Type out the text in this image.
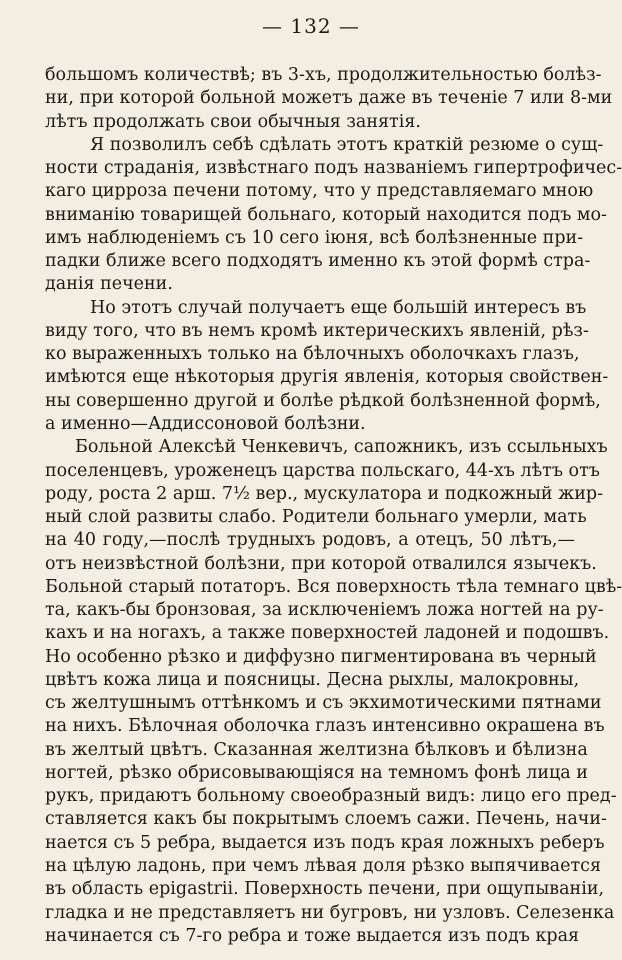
— 132 —
большомъ количествѣ; въ 3-хъ, продолжительностью болѣз-
ни, при которой больной можетъ даже въ теченіе 7 или 8-ми
лѣтъ продолжать свои обычныя занятія.
Я позволилъ себѣ сдѣлать этотъ краткій резюме о сущ-
ности страданія, извѣстнаго подъ названіемъ гипертрофичес-
каго цирроза печени потому, что у представляемаго мною
вниманію товарищей больнаго, который находится подъ мо-
имъ наблюденіемъ съ 10 сего іюня, всѣ болѣзненные при-
падки ближе всего подходятъ именно къ этой формѣ стра-
данія печени.
Но этотъ случай получаетъ еще большій интересъ въ
виду того, что въ немъ кромѣ иктерическихъ явленій, рѣз-
ко выраженныхъ только на бѣлочныхъ оболочкахъ глазъ,
имѣются еще нѣкоторыя другія явленія, которыя свойствен-
ны совершенно другой и болѣе рѣдкой болѣзненной формѣ,
а именно—Аддиссоновой болѣзни.
Больной Алексѣй Ченкевичъ, сапожникъ, изъ ссыльныхъ
поселенцевъ, уроженецъ царства польскаго, 44-хъ лѣтъ отъ
роду, роста 2 арш. 7½ вер., мускулатора и подкожный жир-
ный слой развиты слабо. Родители больнаго умерли, мать
на 40 году,—послѣ трудныхъ родовъ, а отецъ, 50 лѣтъ,—
отъ неизвѣстной болѣзни, при которой отвалился язычекъ.
Больной старый потаторъ. Вся поверхность тѣла темнаго цвѣ-
та, какъ-бы бронзовая, за исключеніемъ ложа ногтей на ру-
кахъ и на ногахъ, а также поверхностей ладоней и подошвъ.
Но особенно рѣзко и диффузно пигментирована въ черный
цвѣтъ кожа лица и поясницы. Десна рыхлы, малокровны,
съ желтушнымъ оттѣнкомъ и съ экхимотическими пятнами
на нихъ. Бѣлочная оболочка глазъ интенсивно окрашена въ
въ желтый цвѣтъ. Сказанная желтизна бѣлковъ и бѣлизна
ногтей, рѣзко обрисовывающіяся на темномъ фонѣ лица и
рукъ, придаютъ больному своеобразный видъ: лицо его пред-
ставляется какъ бы покрытымъ слоемъ сажи. Печень, начи-
нается съ 5 ребра, выдается изъ подъ края ложныхъ реберъ
на цѣлую ладонь, при чемъ лѣвая доля рѣзко выпячивается
въ область epigastrii. Поверхность печени, при ощупываніи,
гладка и не представляетъ ни бугровъ, ни узловъ. Селезенка
начинается съ 7-го ребра и тоже выдается изъ подъ края
